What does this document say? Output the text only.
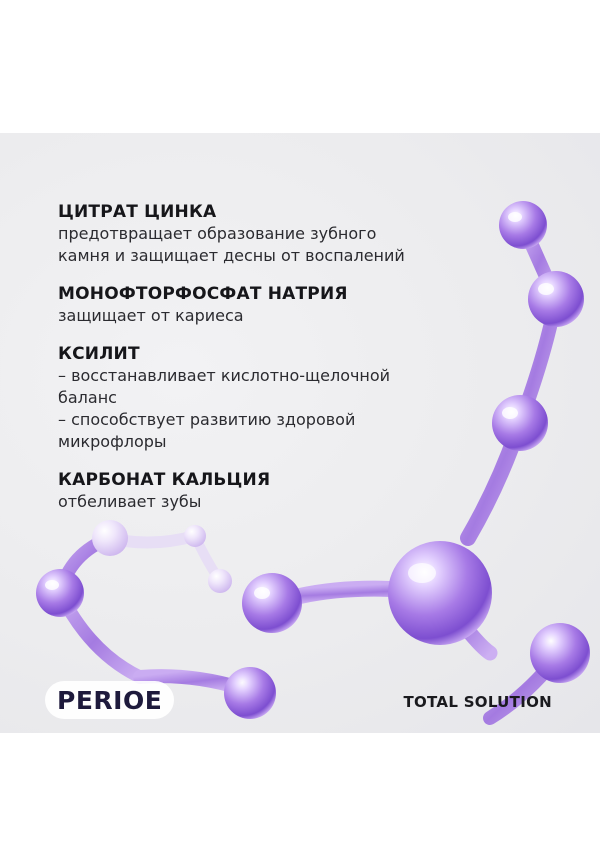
ЦИТРАТ ЦИНКА
предотвращает образование зубного
камня и защищает десны от воспалений
МОНОФТОРФОСФАТ НАТРИЯ
защищает от кариеса
КСИЛИТ
– восстанавливает кислотно-щелочной
баланс
– способствует развитию здоровой
микрофлоры
КАРБОНАТ КАЛЬЦИЯ
отбеливает зубы
PERIOE	TOTAL SOLUTION
